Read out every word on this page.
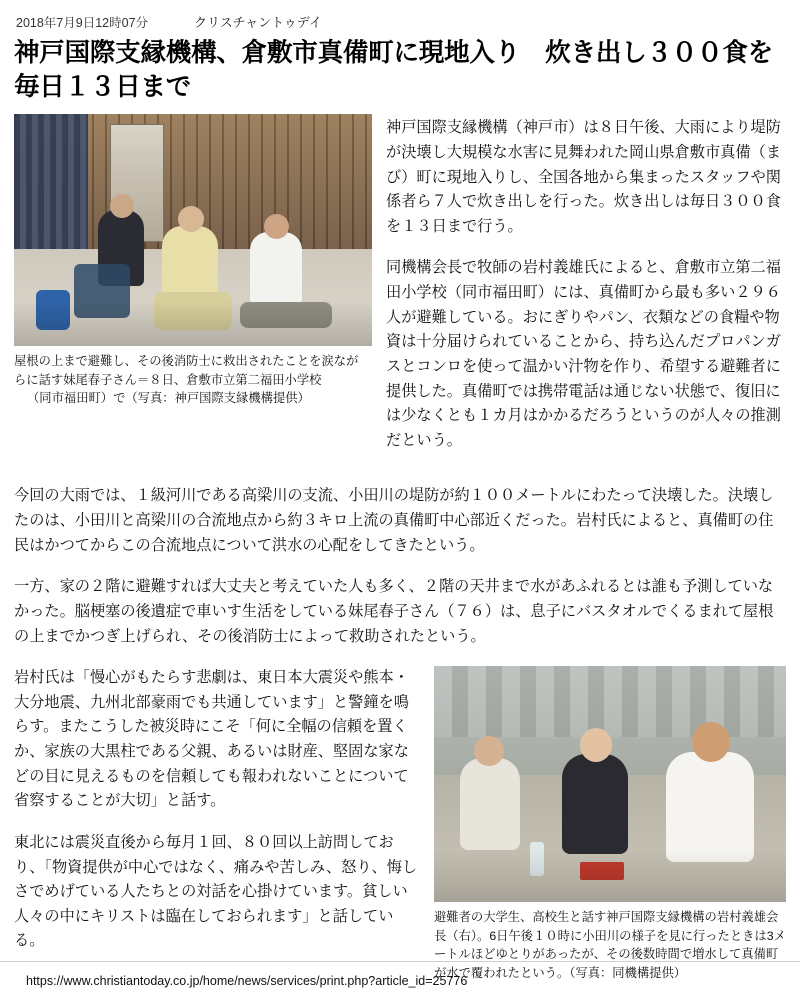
2018年7月9日12時07分	クリスチャントゥデイ
神戸国際支縁機構、倉敷市真備町に現地入り　炊き出し３００食を毎日１３日まで
屋根の上まで避難し、その後消防士に救出されたことを涙ながらに話す妹尾春子さん＝８日、倉敷市立第二福田小学校
（同市福田町）で（写真：神戸国際支縁機構提供）

神戸国際支縁機構（神戸市）は８日午後、大雨により堤防が決壊し大規模な水害に見舞われた岡山県倉敷市真備（まび）町に現地入りし、全国各地から集まったスタッフや関係者ら７人で炊き出しを行った。炊き出しは毎日３００食を１３日まで行う。

同機構会長で牧師の岩村義雄氏によると、倉敷市立第二福田小学校（同市福田町）には、真備町から最も多い２９６人が避難している。おにぎりやパン、衣類などの食糧や物資は十分届けられていることから、持ち込んだプロパンガスとコンロを使って温かい汁物を作り、希望する避難者に提供した。真備町では携帯電話は通じない状態で、復旧には少なくとも１カ月はかかるだろうというのが人々の推測だという。

今回の大雨では、１級河川である高梁川の支流、小田川の堤防が約１００メートルにわたって決壊した。決壊したのは、小田川と高梁川の合流地点から約３キロ上流の真備町中心部近くだった。岩村氏によると、真備町の住民はかつてからこの合流地点について洪水の心配をしてきたという。

一方、家の２階に避難すれば大丈夫と考えていた人も多く、２階の天井まで水があふれるとは誰も予測していなかった。脳梗塞の後遺症で車いす生活をしている妹尾春子さん（７６）は、息子にバスタオルでくるまれて屋根の上までかつぎ上げられ、その後消防士によって救助されたという。

岩村氏は「慢心がもたらす悲劇は、東日本大震災や熊本・大分地震、九州北部豪雨でも共通しています」と警鐘を鳴らす。またこうした被災時にこそ「何に全幅の信頼を置くか、家族の大黒柱である父親、あるいは財産、堅固な家などの目に見えるものを信頼しても報われないことについて省察することが大切」と話す。

東北には震災直後から毎月１回、８０回以上訪問しており、「物資提供が中心ではなく、痛みや苦しみ、怒り、悔しさでめげている人たちとの対話を心掛けています。貧しい人々の中にキリストは臨在しておられます」と話している。

避難者の大学生、高校生と話す神戸国際支縁機構の岩村義雄会長（右）。6日午後１０時に小田川の様子を見に行ったときは3メートルほどゆとりがあったが、その後数時間で増水して真備町が水で覆われたという。（写真：同機構提供）
https://www.christiantoday.co.jp/home/news/services/print.php?article_id=25776
